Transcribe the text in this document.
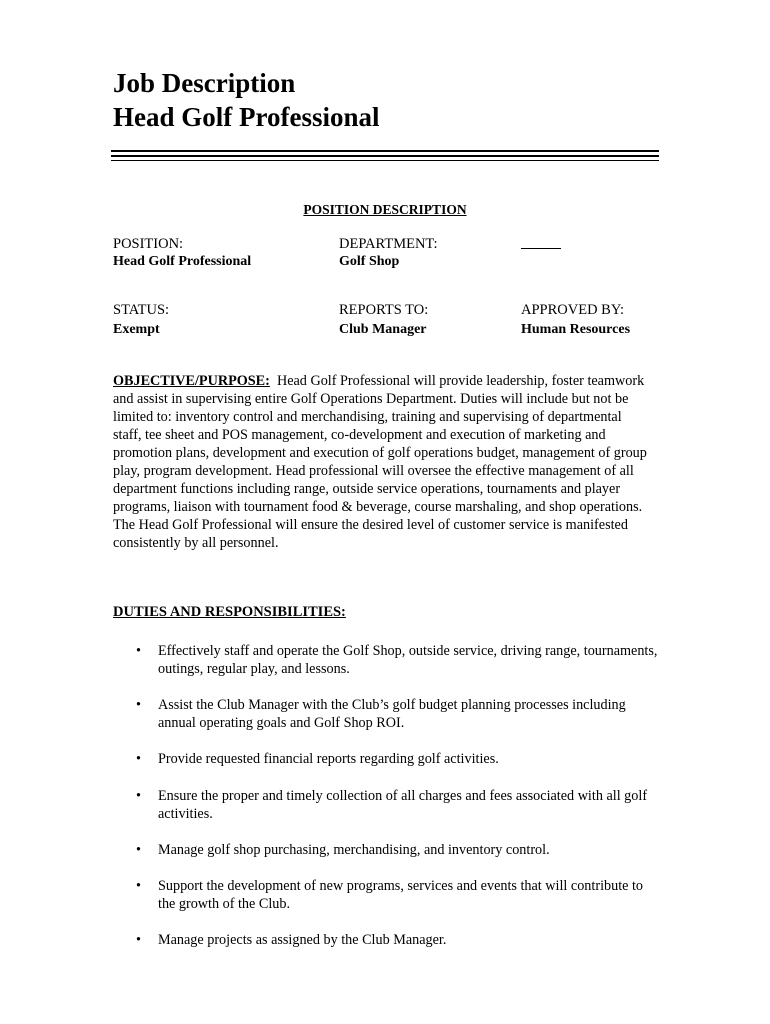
Job Description
Head Golf Professional
POSITION DESCRIPTION
POSITION:
Head Golf Professional
DEPARTMENT:
Golf Shop
STATUS:
Exempt
REPORTS TO:
Club Manager
APPROVED BY:
Human Resources

OBJECTIVE/PURPOSE: Head Golf Professional will provide leadership, foster teamwork and assist in supervising entire Golf Operations Department. Duties will include but not be limited to: inventory control and merchandising, training and supervising of departmental staff, tee sheet and POS management, co-development and execution of marketing and promotion plans, development and execution of golf operations budget, management of group play, program development. Head professional will oversee the effective management of all department functions including range, outside service operations, tournaments and player programs, liaison with tournament food & beverage, course marshaling, and shop operations. The Head Golf Professional will ensure the desired level of customer service is manifested consistently by all personnel.

DUTIES AND RESPONSIBILITIES:
• Effectively staff and operate the Golf Shop, outside service, driving range, tournaments, outings, regular play, and lessons.
• Assist the Club Manager with the Club’s golf budget planning processes including annual operating goals and Golf Shop ROI.
• Provide requested financial reports regarding golf activities.
• Ensure the proper and timely collection of all charges and fees associated with all golf activities.
• Manage golf shop purchasing, merchandising, and inventory control.
• Support the development of new programs, services and events that will contribute to the growth of the Club.
• Manage projects as assigned by the Club Manager.
